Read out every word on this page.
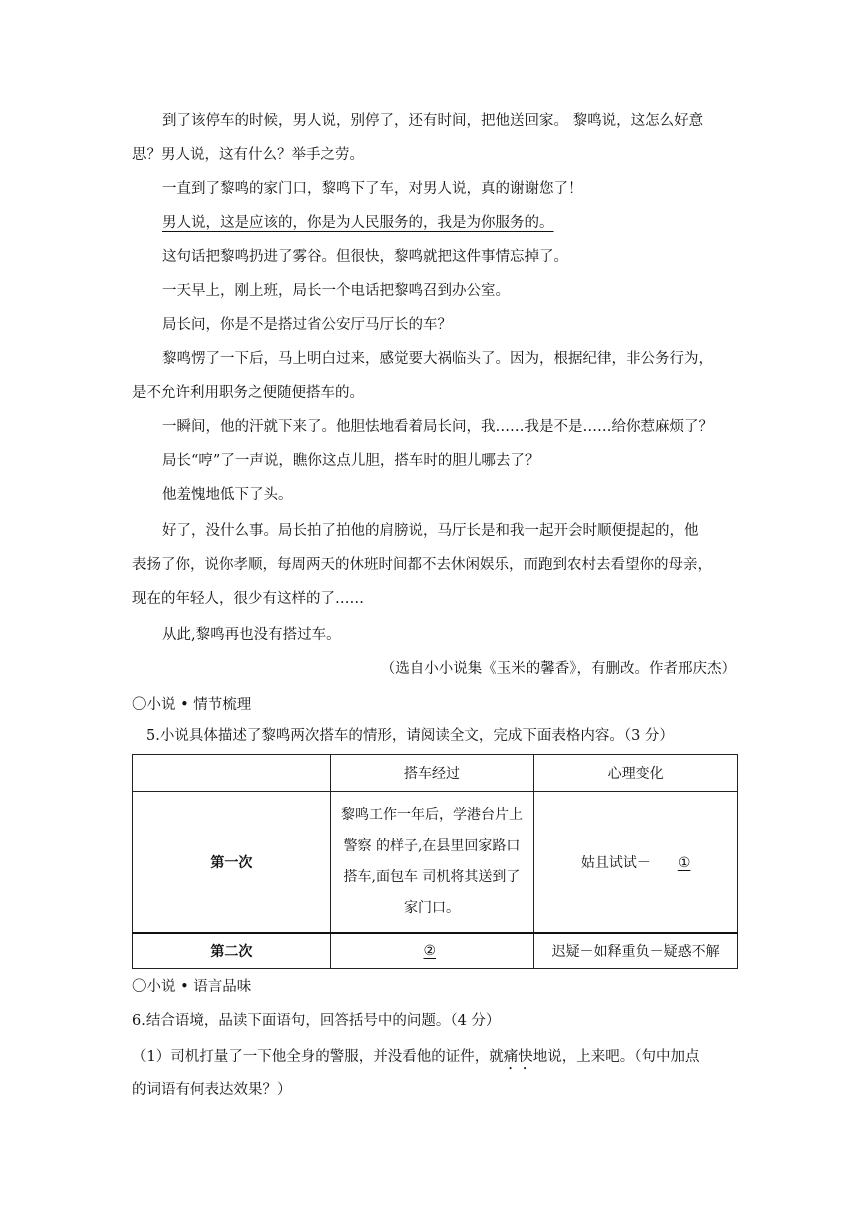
到了该停车的时候，男人说，别停了，还有时间，把他送回家。 黎鸣说，这怎么好意

思？男人说，这有什么？举手之劳。

一直到了黎鸣的家门口，黎鸣下了车，对男人说，真的谢谢您了！

男人说，这是应该的，你是为人民服务的，我是为你服务的。

这句话把黎鸣扔进了雾谷。但很快，黎鸣就把这件事情忘掉了。

一天早上，刚上班，局长一个电话把黎鸣召到办公室。

局长问，你是不是搭过省公安厅马厅长的车？

黎鸣愣了一下后，马上明白过来，感觉要大祸临头了。因为，根据纪律，非公务行为，

是不允许利用职务之便随便搭车的。

一瞬间，他的汗就下来了。他胆怯地看着局长问，我……我是不是……给你惹麻烦了？

局长“哼”了一声说，瞧你这点儿胆，搭车时的胆儿哪去了？

他羞愧地低下了头。

好了，没什么事。局长拍了拍他的肩膀说，马厅长是和我一起开会时顺便提起的，他

表扬了你，说你孝顺，每周两天的休班时间都不去休闲娱乐，而跑到农村去看望你的母亲，

现在的年轻人，很少有这样的了……

从此,黎鸣再也没有搭过车。

（选自小小说集《玉米的馨香》，有删改。作者邢庆杰）

〇小说 • 情节梳理

5.小说具体描述了黎鸣两次搭车的情形，请阅读全文，完成下面表格内容。（3 分）

	搭车经过	心理变化
第一次	黎鸣工作一年后，学港台片上
警察 的样子,在县里回家路口
搭车,面包车 司机将其送到了
家门口。	姑且试试－ ①
第二次	②	迟疑－如释重负－疑惑不解

〇小说 • 语言品味

6.结合语境，品读下面语句，回答括号中的问题。（4 分）

（1）司机打量了一下他全身的警服，并没看他的证件，就痛快地说，上来吧。（句中加点

的词语有何表达效果？）
